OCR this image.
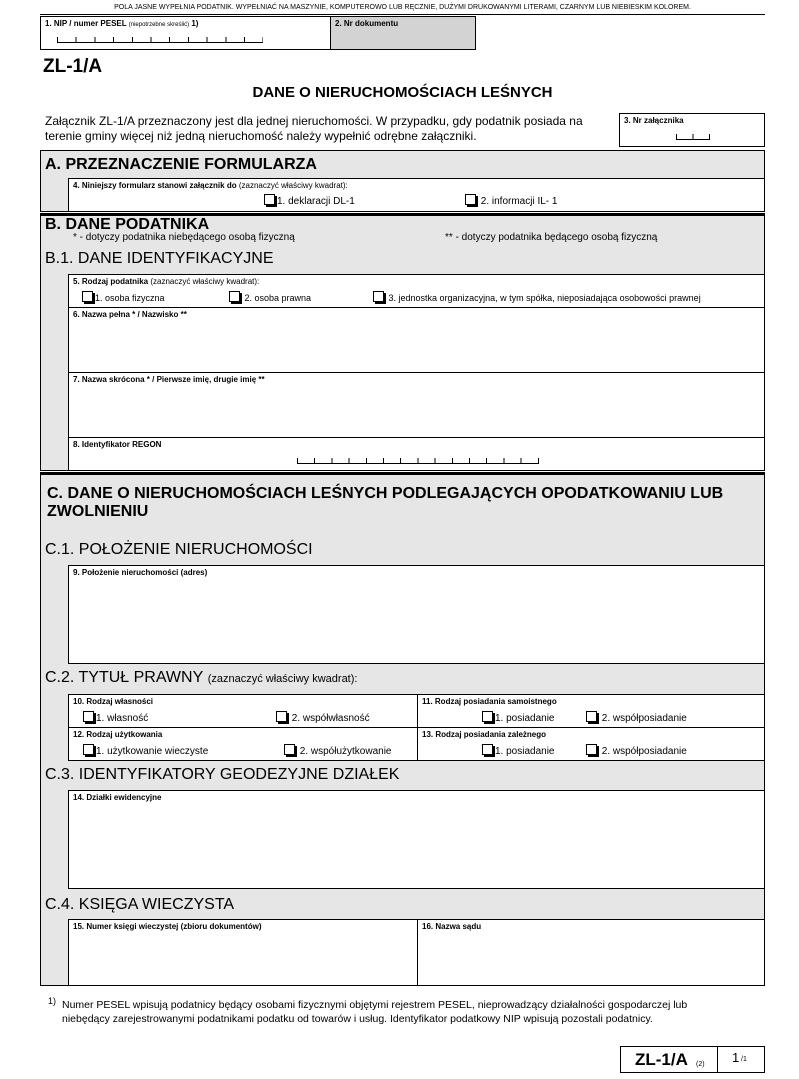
POLA JASNE WYPEŁNIA PODATNIK. WYPEŁNIAĆ NA MASZYNIE, KOMPUTEROWO LUB RĘCZNIE, DUŻYMI DRUKOWANYMI LITERAMI, CZARNYM LUB NIEBIESKIM KOLOREM.
1. NIP / numer PESEL (niepotrzebne skreślić) 1)	2. Nr dokumentu
ZL-1/A
DANE O NIERUCHOMOŚCIACH LEŚNYCH
Załącznik ZL-1/A przeznaczony jest dla jednej nieruchomości. W przypadku, gdy podatnik posiada na terenie gminy więcej niż jedną nieruchomość należy wypełnić odrębne załączniki.
3. Nr załącznika
A. PRZEZNACZENIE FORMULARZA
4. Niniejszy formularz stanowi załącznik do (zaznaczyć właściwy kwadrat):
1. deklaracji DL-1	2. informacji IL- 1
B. DANE PODATNIKA
* - dotyczy podatnika niebędącego osobą fizyczną	** - dotyczy podatnika będącego osobą fizyczną
B.1. DANE IDENTYFIKACYJNE
5. Rodzaj podatnika (zaznaczyć właściwy kwadrat):
1. osoba fizyczna	2. osoba prawna	3. jednostka organizacyjna, w tym spółka, nieposiadająca osobowości prawnej
6. Nazwa pełna * / Nazwisko **
7. Nazwa skrócona * / Pierwsze imię, drugie imię **
8. Identyfikator REGON
C. DANE O NIERUCHOMOŚCIACH LEŚNYCH PODLEGAJĄCYCH OPODATKOWANIU LUB
ZWOLNIENIU
C.1. POŁOŻENIE NIERUCHOMOŚCI
9. Położenie nieruchomości (adres)
C.2. TYTUŁ PRAWNY (zaznaczyć właściwy kwadrat):
10. Rodzaj własności
1. własność	2. współwłasność
11. Rodzaj posiadania samoistnego
1. posiadanie	2. współposiadanie
12. Rodzaj użytkowania
1. użytkowanie wieczyste	2. współużytkowanie
13. Rodzaj posiadania zależnego
1. posiadanie	2. współposiadanie
C.3. IDENTYFIKATORY GEODEZYJNE DZIAŁEK
14. Działki ewidencyjne
C.4. KSIĘGA WIECZYSTA
15. Numer księgi wieczystej (zbioru dokumentów)	16. Nazwa sądu
1) Numer PESEL wpisują podatnicy będący osobami fizycznymi objętymi rejestrem PESEL, nieprowadzący działalności gospodarczej lub niebędący zarejestrowanymi podatnikami podatku od towarów i usług. Identyfikator podatkowy NIP wpisują pozostali podatnicy.
ZL-1/A (2) 1 /1
